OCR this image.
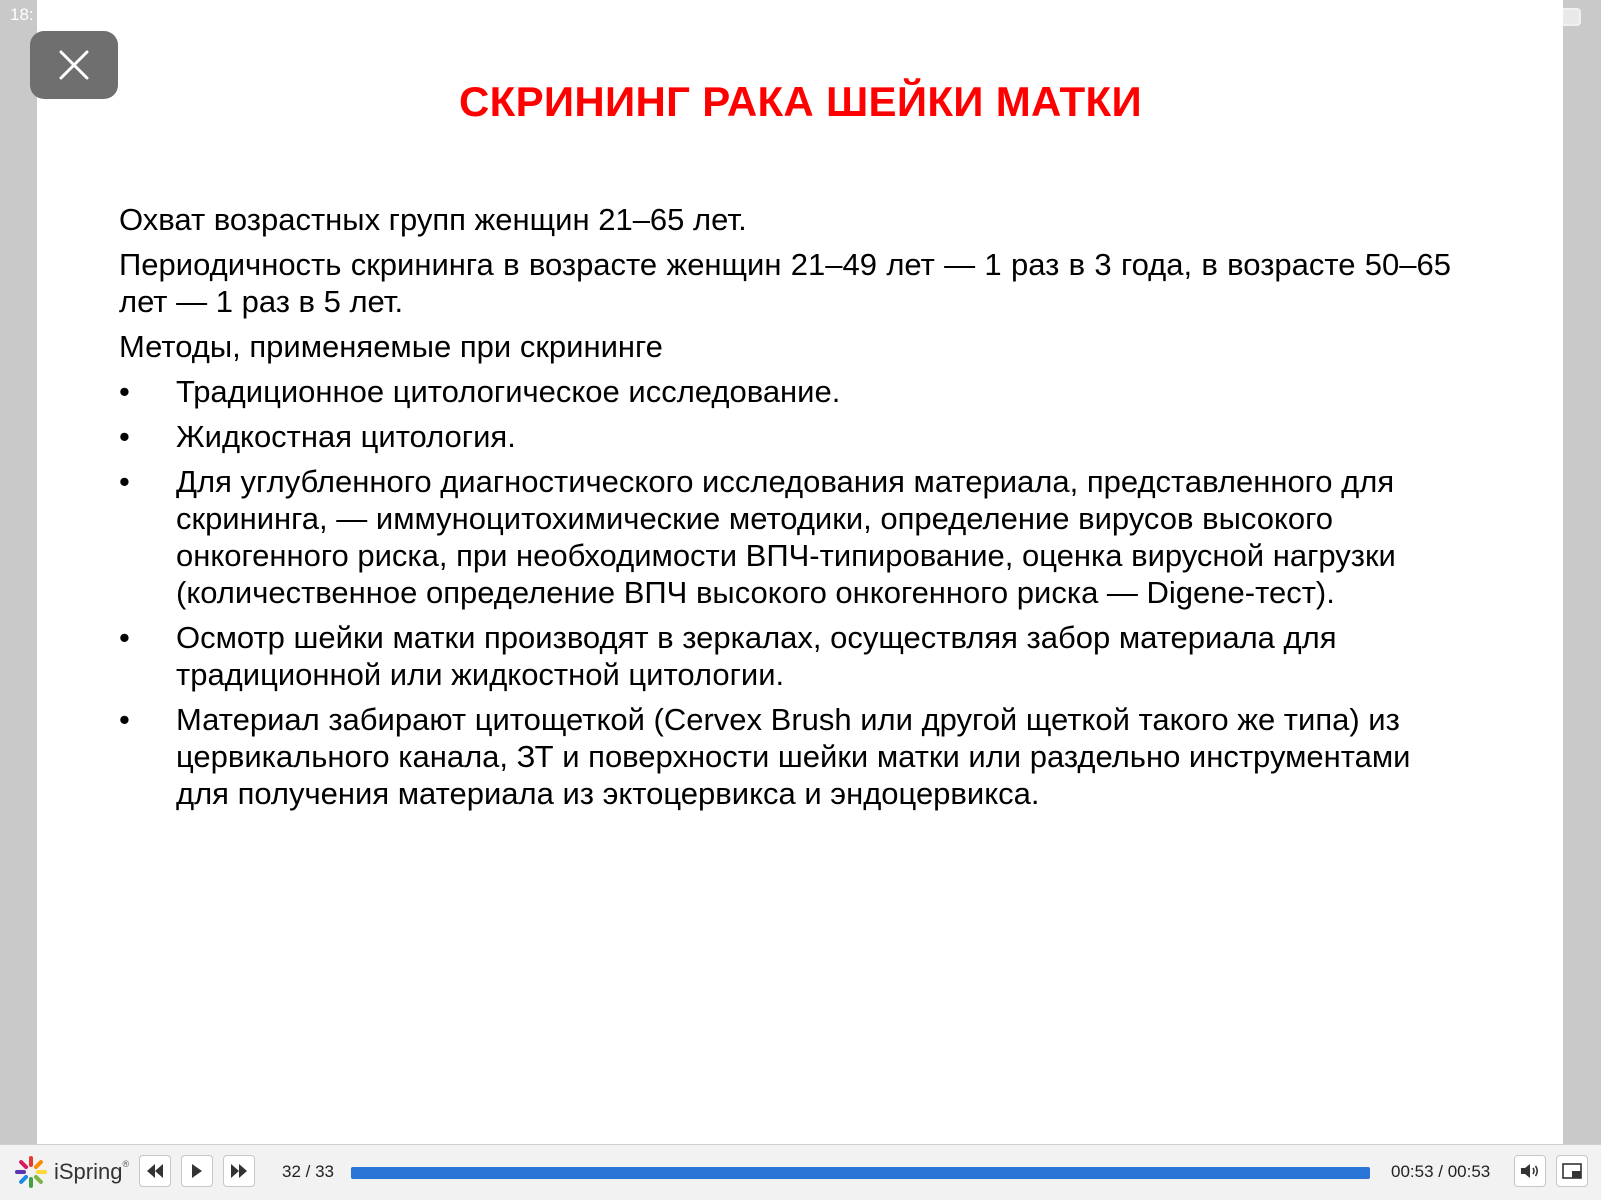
18:
СКРИНИНГ РАКА ШЕЙКИ МАТКИ

Охват возрастных групп женщин 21–65 лет.

Периодичность скрининга в возрасте женщин 21–49 лет — 1 раз в 3 года, в возрасте 50–65 лет — 1 раз в 5 лет.

Методы, применяемые при скрининге

• Традиционное цитологическое исследование.
• Жидкостная цитология.
• Для углубленного диагностического исследования материала, представленного для скрининга, — иммуноцитохимические методики, определение вирусов высокого онкогенного риска, при необходимости ВПЧ-типирование, оценка вирусной нагрузки (количественное определение ВПЧ высокого онкогенного риска — Digene-тест).
• Осмотр шейки матки производят в зеркалах, осуществляя забор материала для традиционной или жидкостной цитологии.
• Материал забирают цитощеткой (Cervex Brush или другой щеткой такого же типа) из цервикального канала, ЗТ и поверхности шейки матки или раздельно инструментами для получения материала из эктоцервикса и эндоцервикса.
iSpring®	32 / 33	00:53 / 00:53
